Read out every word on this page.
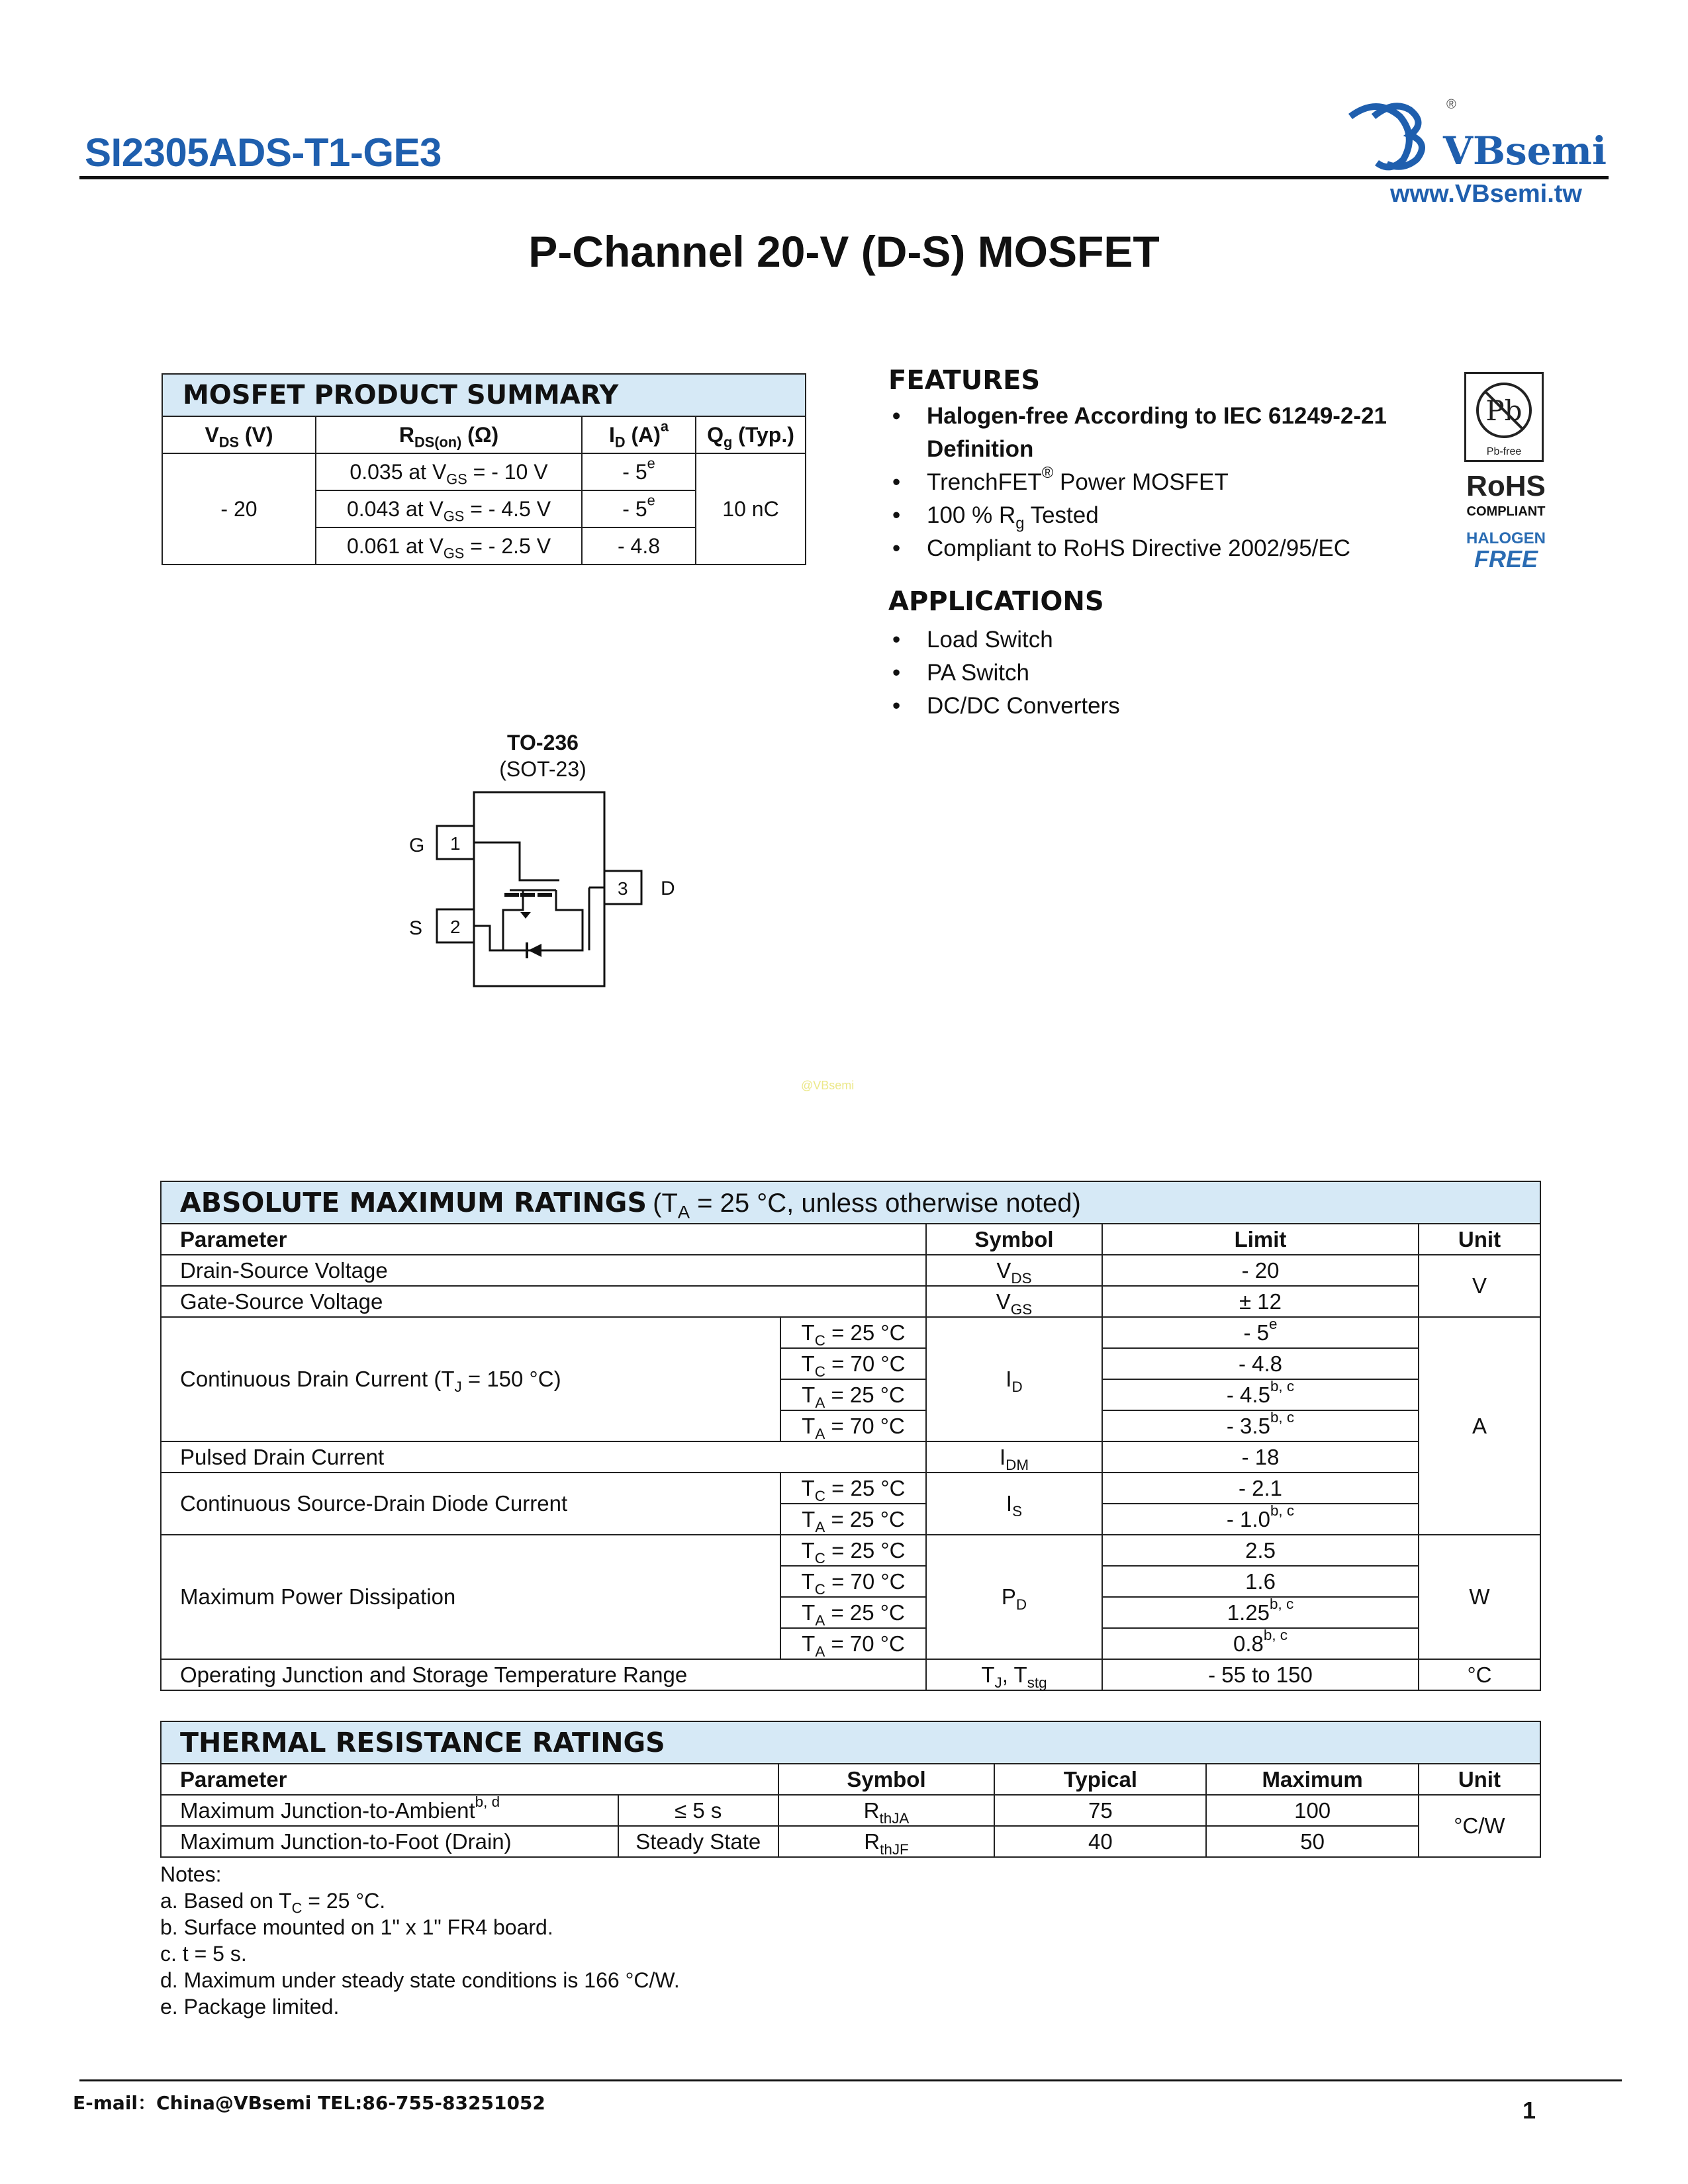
SI2305ADS-T1-GE3	VBsemi
®
www.VBsemi.tw
P-Channel 20-V (D-S) MOSFET
MOSFET PRODUCT SUMMARY			
$V_{DS}$ (V)	$R_{DS(on)}$ (Ω)	$I_D$ $(A)^a$	$Q_g$ (Typ.)
- 20	0.035 at $V_{GS}$ = - 10 V	- 5e	10 nC
	0.043 at $V_{GS}$ = - 4.5 V	- 5e
	0.061 at $V_{GS}$ = - 2.5 V	- 4.8	
FEATURES
• Halogen-free According to IEC 61249-2-21 Definition
• TrenchFET® Power MOSFET
• 100 % $R_g$ Tested
• Compliant to RoHS Directive 2002/95/EC
Pb
Pb-free
RoHS
COMPLIANT
HALOGEN
FREE
APPLICATIONS
• Load Switch
• PA Switch
• DC/DC Converters
TO-236
(SOT-23)
G
S
D
1
2
3
@VBsemi
ABSOLUTE MAXIMUM RATINGS ($T_A = 25$ °C, unless otherwise noted)				
Parameter		Symbol	Limit	Unit
Drain-Source Voltage		$V_{DS}$	- 20	V
Gate-Source Voltage		$V_{GS}$	± 12	
Continuous Drain Current ($T_J = 150$ °C)	$T_C = 25$ °C	$I_D$	- 5e	A
	$T_C = 70$ °C		- 4.8	
	$T_A = 25$ °C		- 4.5$^{b, c}$
	$T_A = 70$ °C		- 3.5$^{b, c}$
Pulsed Drain Current		$I_{DM}$	- 18	
Continuous Source-Drain Diode Current	$T_C = 25$ °C	$I_S$	- 2.1	
	$T_A = 25$ °C		- 1.0$^{b, c}$
Maximum Power Dissipation	$T_C = 25$ °C	$P_D$	2.5	W
	$T_C = 70$ °C		1.6	
	$T_A = 25$ °C		1.25$^{b, c}$
	$T_A = 70$ °C		0.8$^{b, c}$
Operating Junction and Storage Temperature Range		$T_J$, $T_{stg}$	- 55 to 150	°C
THERMAL RESISTANCE RATINGS					
Parameter		Symbol	Typical	Maximum	Unit
Maximum Junction-to-Ambient$^{b, d}$	≤ 5 s	$R_{thJA}$	75	100	°C/W
Maximum Junction-to-Foot (Drain)	Steady State	$R_{thJF}$	40	50	
Notes:
a. Based on $T_C = 25$ °C.
b. Surface mounted on 1" x 1" FR4 board.
c. t = 5 s.
d. Maximum under steady state conditions is 166 °C/W.
e. Package limited.
E-mail：China@VBsemi TEL:86-755-83251052	1
